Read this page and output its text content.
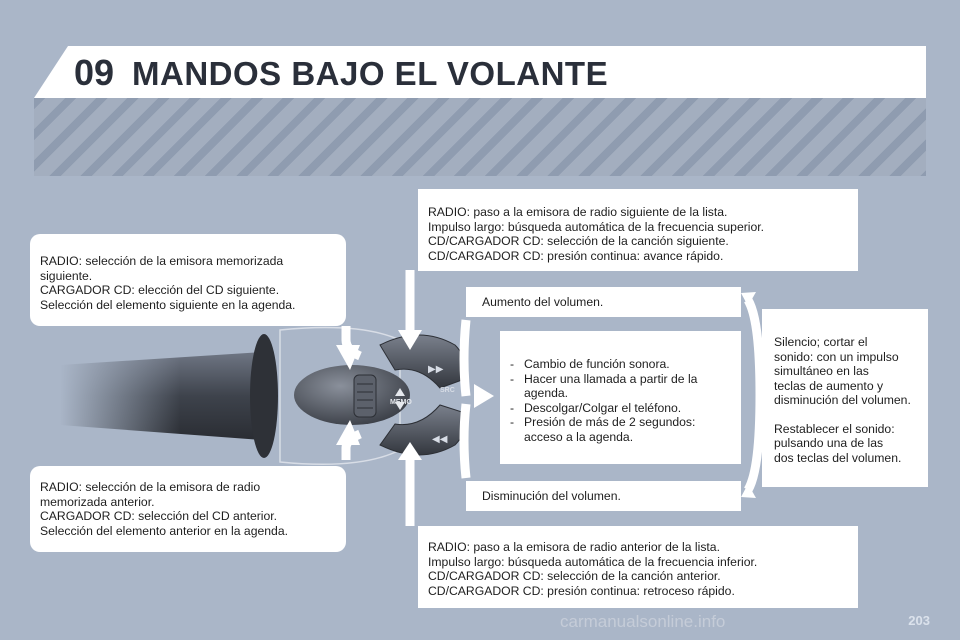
09 MANDOS BAJO EL VOLANTE
MEMO
▶▶
◀◀
SRC
RADIO: selección de la emisora memorizada
siguiente.
CARGADOR CD: elección del CD siguiente.
Selección del elemento siguiente en la agenda.
RADIO: paso a la emisora de radio siguiente de la lista.
Impulso largo: búsqueda automática de la frecuencia superior.
CD/CARGADOR CD: selección de la canción siguiente.
CD/CARGADOR CD: presión continua: avance rápido.
Aumento del volumen.
- Cambio de función sonora.
- Hacer una llamada a partir de la
agenda.
- Descolgar/Colgar el teléfono.
- Presión de más de 2 segundos:
acceso a la agenda.
Silencio; cortar el
sonido: con un impulso
simultáneo en las
teclas de aumento y
disminución del volumen.
Restablecer el sonido:
pulsando una de las
dos teclas del volumen.
Disminución del volumen.
RADIO: selección de la emisora de radio
memorizada anterior.
CARGADOR CD: selección del CD anterior.
Selección del elemento anterior en la agenda.
RADIO: paso a la emisora de radio anterior de la lista.
Impulso largo: búsqueda automática de la frecuencia inferior.
CD/CARGADOR CD: selección de la canción anterior.
CD/CARGADOR CD: presión continua: retroceso rápido.
carmanualsonline.info	203
